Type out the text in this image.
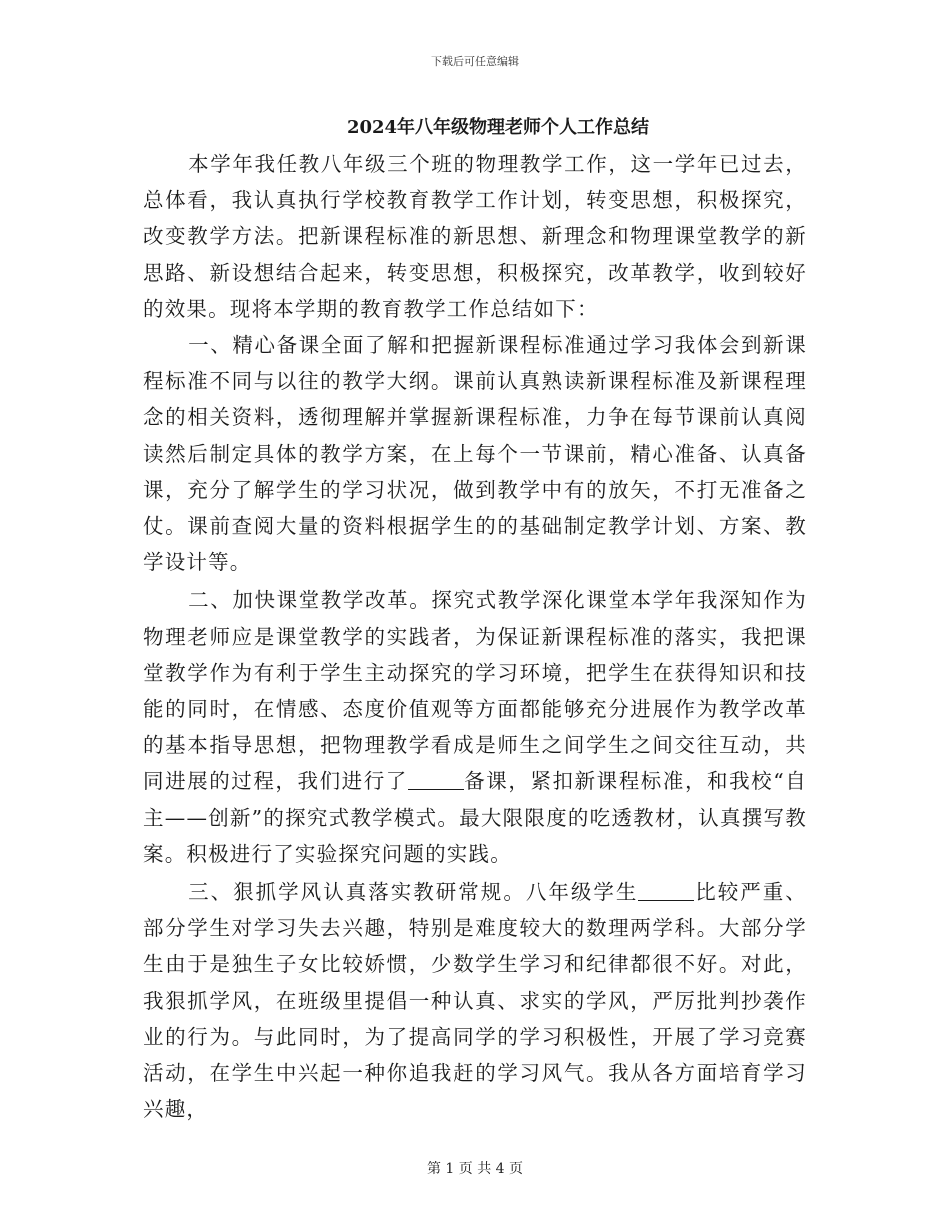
下载后可任意编辑
2024年八年级物理老师个人工作总结

本学年我任教八年级三个班的物理教学工作，这一学年已过去，总体看，我认真执行学校教育教学工作计划，转变思想，积极探究，改变教学方法。把新课程标准的新思想、新理念和物理课堂教学的新思路、新设想结合起来，转变思想，积极探究，改革教学，收到较好的效果。现将本学期的教育教学工作总结如下：

一、精心备课全面了解和把握新课程标准通过学习我体会到新课程标准不同与以往的教学大纲。课前认真熟读新课程标准及新课程理念的相关资料，透彻理解并掌握新课程标准，力争在每节课前认真阅读然后制定具体的教学方案，在上每个一节课前，精心准备、认真备课，充分了解学生的学习状况，做到教学中有的放矢，不打无准备之仗。课前查阅大量的资料根据学生的的基础制定教学计划、方案、教学设计等。

二、加快课堂教学改革。探究式教学深化课堂本学年我深知作为物理老师应是课堂教学的实践者，为保证新课程标准的落实，我把课堂教学作为有利于学生主动探究的学习环境，把学生在获得知识和技能的同时，在情感、态度价值观等方面都能够充分进展作为教学改革的基本指导思想，把物理教学看成是师生之间学生之间交往互动，共同进展的过程，我们进行了	备课，紧扣新课程标准，和我校“自主——创新”的探究式教学模式。最大限限度的吃透教材，认真撰写教案。积极进行了实验探究问题的实践。

三、狠抓学风认真落实教研常规。八年级学生	比较严重、部分学生对学习失去兴趣，特别是难度较大的数理两学科。大部分学生由于是独生子女比较娇惯，少数学生学习和纪律都很不好。对此，我狠抓学风，在班级里提倡一种认真、求实的学风，严厉批判抄袭作业的行为。与此同时，为了提高同学的学习积极性，开展了学习竞赛活动，在学生中兴起一种你追我赶的学习风气。我从各方面培育学习兴趣，

第 1 页 共 4 页
